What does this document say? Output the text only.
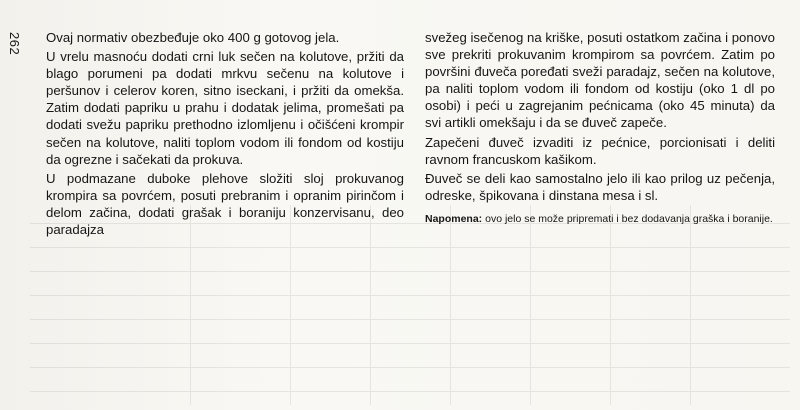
262 Ovaj normativ obezbeđuje oko 400 g gotovog jela.

U vrelu masnoću dodati crni luk sečen na kolutove, pržiti da blago porumeni pa dodati mrkvu sečenu na kolutove i peršunov i celerov koren, sitno iseckani, i pržiti da omekša. Zatim dodati papriku u prahu i dodatak jelima, promešati pa dodati svežu papriku prethodno izlomljenu i očišćeni krompir sečen na kolutove, naliti toplom vodom ili fondom od kostiju da ogrezne i sačekati da prokuva.

U podmazane duboke plehove složiti sloj prokuvanog krompira sa povrćem, posuti prebranim i opranim pirinčom i delom začina, dodati grašak i boraniju konzervisanu, deo paradajza

svežeg isečenog na kriške, posuti ostatkom začina i ponovo sve prekriti prokuvanim krompirom sa povrćem. Zatim po površini đuveča poređati sveži paradajz, sečen na kolutove, pa naliti toplom vodom ili fondom od kostiju (oko 1 dl po osobi) i peći u zagrejanim pećnicama (oko 45 minuta) da svi artikli omekšaju i da se đuveč zapeče.

Zapečeni đuveč izvaditi iz pećnice, porcionisati i deliti ravnom francuskom kašikom.

Đuveč se deli kao samostalno jelo ili kao prilog uz pečenja, odreske, špikovana i dinstana mesa i sl.

Napomena: ovo jelo se može pripremati i bez dodavanja graška i boranije.
